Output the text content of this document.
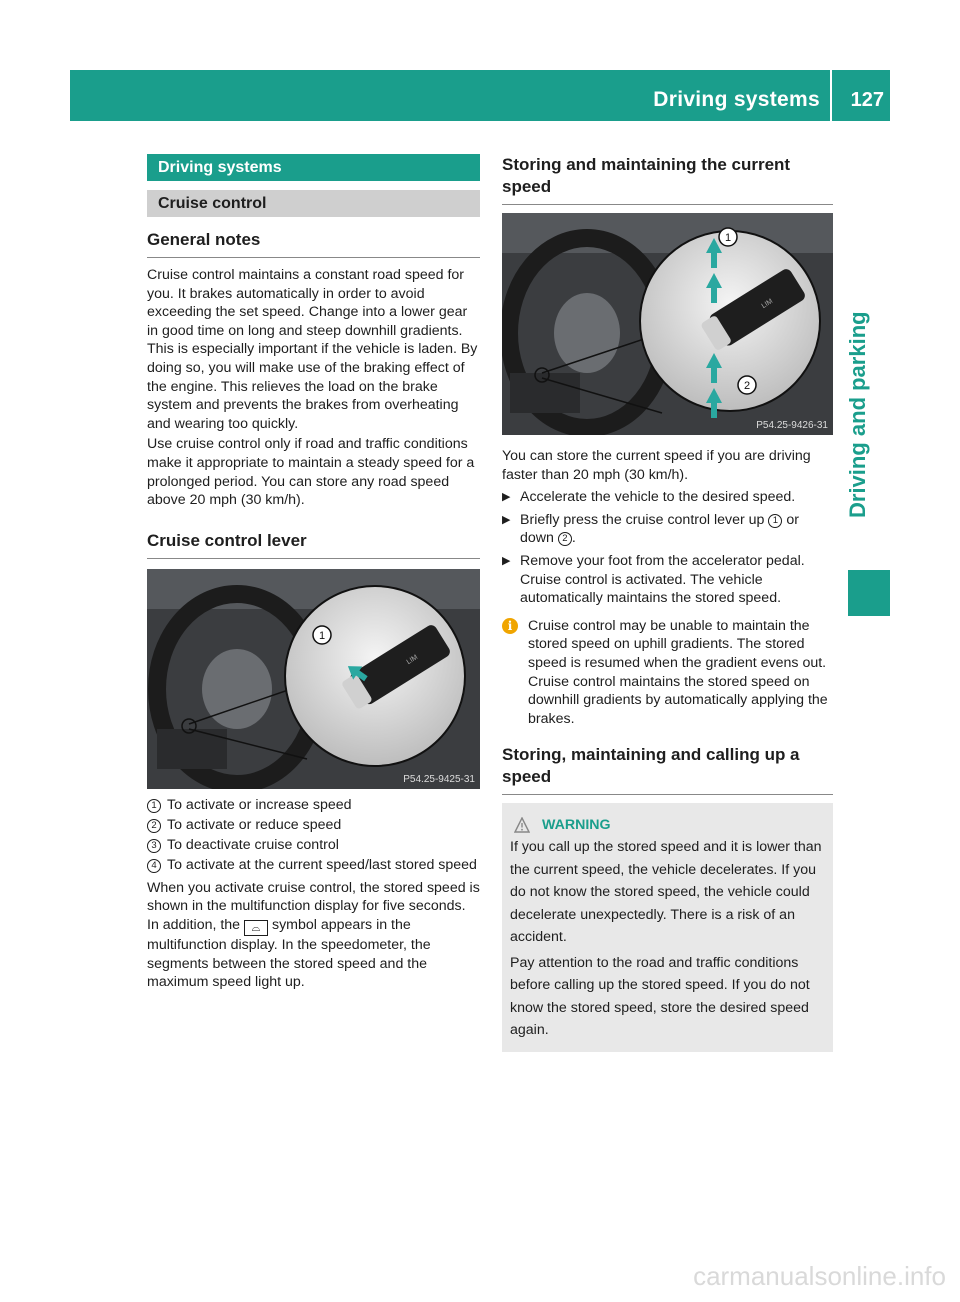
Driving systems 127
Driving and parking
Driving systems
Cruise control
General notes

Cruise control maintains a constant road speed for you. It brakes automatically in order to avoid exceeding the set speed. Change into a lower gear in good time on long and steep downhill gradients. This is especially important if the vehicle is laden. By doing so, you will make use of the braking effect of the engine. This relieves the load on the brake system and prevents the brakes from overheating and wearing too quickly.

Use cruise control only if road and traffic conditions make it appropriate to maintain a steady speed for a prolonged period. You can store any road speed above 20 mph (30 km/h).

Cruise control lever
LIM
1
P54.25-9425-31
1 To activate or increase speed
2 To activate or reduce speed
3 To deactivate cruise control
4 To activate at the current speed/last stored speed

When you activate cruise control, the stored speed is shown in the multifunction display for five seconds. In addition, the ⌓ symbol appears in the multifunction display. In the speedometer, the segments between the stored speed and the maximum speed light up.

Storing and maintaining the current speed
LIM
1
2
P54.25-9426-31

You can store the current speed if you are driving faster than 20 mph (30 km/h).

▶ Accelerate the vehicle to the desired speed.
▶ Briefly press the cruise control lever up 1 or down 2 .
▶ Remove your foot from the accelerator pedal. Cruise control is activated. The vehicle automatically maintains the stored speed.
i	Cruise control may be unable to maintain the stored speed on uphill gradients. The stored speed is resumed when the gradient evens out. Cruise control maintains the stored speed on downhill gradients by automatically applying the brakes.
Storing, maintaining and calling up a speed
WARNING

If you call up the stored speed and it is lower than the current speed, the vehicle decelerates. If you do not know the stored speed, the vehicle could decelerate unexpectedly. There is a risk of an accident.

Pay attention to the road and traffic conditions before calling up the stored speed. If you do not know the stored speed, store the desired speed again.

carmanualsonline.info
